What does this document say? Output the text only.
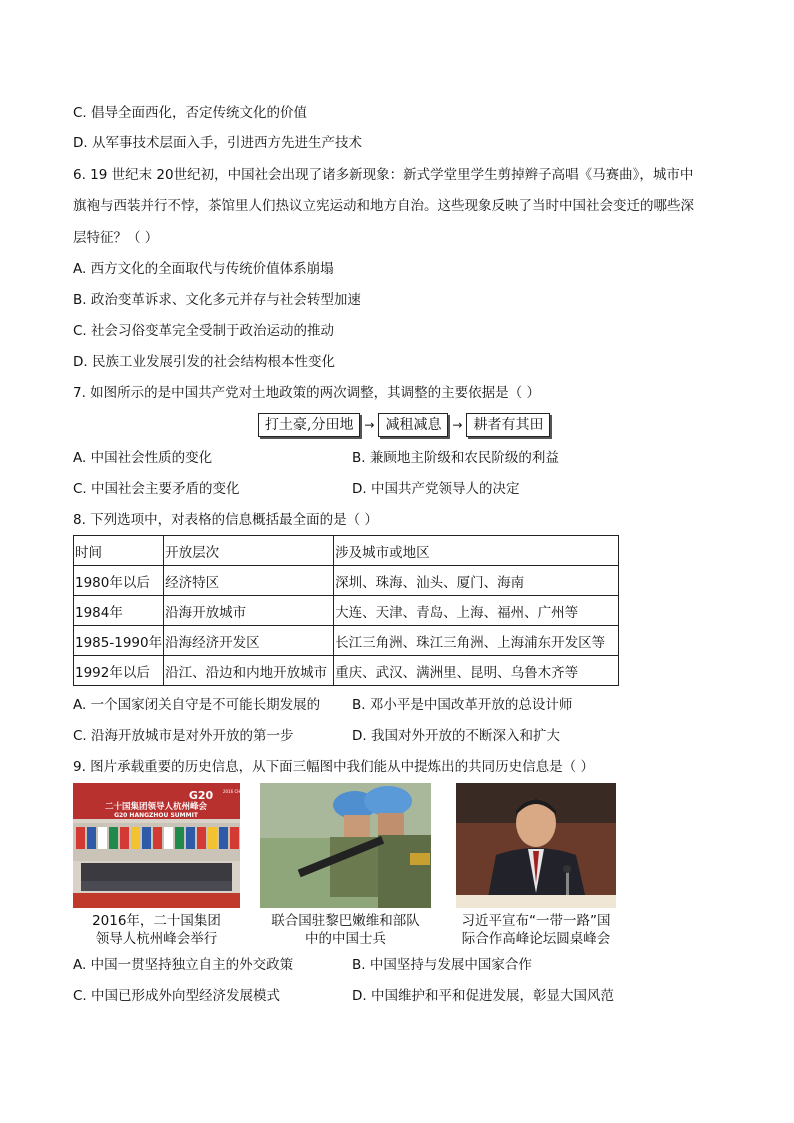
C. 倡导全面西化，否定传统文化的价值
D. 从军事技术层面入手，引进西方先进生产技术
6. 19 世纪末 20世纪初，中国社会出现了诸多新现象：新式学堂里学生剪掉辫子高唱《马赛曲》，城市中
旗袍与西装并行不悖，茶馆里人们热议立宪运动和地方自治。这些现象反映了当时中国社会变迁的哪些深
层特征？（ ）
A. 西方文化的全面取代与传统价值体系崩塌
B. 政治变革诉求、文化多元并存与社会转型加速
C. 社会习俗变革完全受制于政治运动的推动
D. 民族工业发展引发的社会结构根本性变化
7. 如图所示的是中国共产党对土地政策的两次调整，其调整的主要依据是（ ）
打土豪,分田地 → 减租减息 → 耕者有其田
A. 中国社会性质的变化	B. 兼顾地主阶级和农民阶级的利益
C. 中国社会主要矛盾的变化	D. 中国共产党领导人的决定
8. 下列选项中，对表格的信息概括最全面的是（ ）
时间	开放层次	涉及城市或地区
1980年以后	经济特区	深圳、珠海、汕头、厦门、海南
1984年	沿海开放城市	大连、天津、青岛、上海、福州、广州等
1985-1990年	沿海经济开发区	长江三角洲、珠江三角洲、上海浦东开发区等
1992年以后	沿江、沿边和内地开放城市	重庆、武汉、满洲里、昆明、乌鲁木齐等
A. 一个国家闭关自守是不可能长期发展的 B. 邓小平是中国改革开放的总设计师
C. 沿海开放城市是对外开放的第一步	D. 我国对外开放的不断深入和扩大
9. 图片承载重要的历史信息，从下面三幅图中我们能从中提炼出的共同历史信息是（ ）
G20 2016 CHINA
二十国集团领导人杭州峰会
G20 HANGZHOU SUMMIT
2016年，二十国集团
领导人杭州峰会举行
联合国驻黎巴嫩维和部队
中的中国士兵
习近平宣布“一带一路”国
际合作高峰论坛圆桌峰会
A. 中国一贯坚持独立自主的外交政策	B. 中国坚持与发展中国家合作
C. 中国已形成外向型经济发展模式	D. 中国维护和平和促进发展，彰显大国风范
